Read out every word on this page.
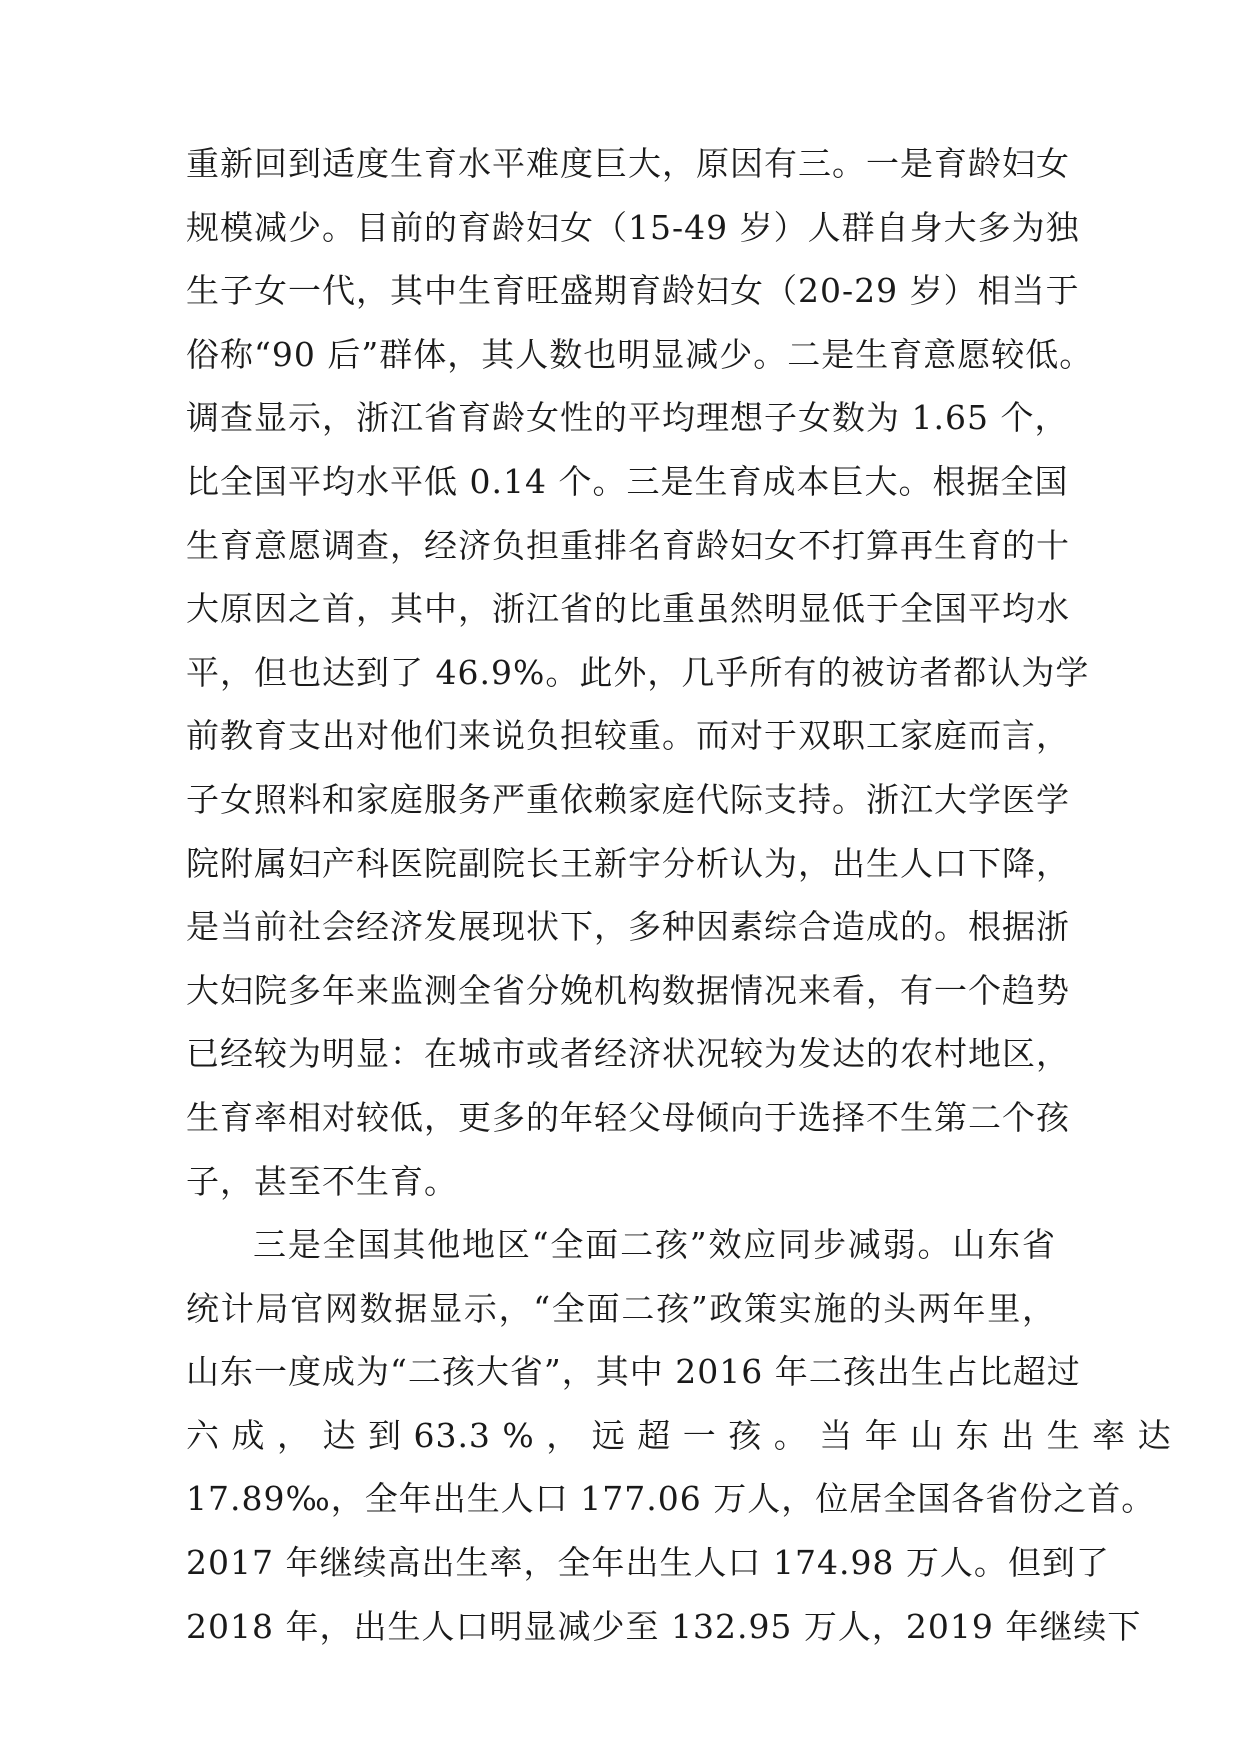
重新回到适度生育水平难度巨大，原因有三。一是育龄妇女
规模减少。目前的育龄妇女（15-49 岁）人群自身大多为独
生子女一代，其中生育旺盛期育龄妇女（20-29 岁）相当于
俗称“90 后”群体，其人数也明显减少。二是生育意愿较低。
调查显示，浙江省育龄女性的平均理想子女数为 1.65 个，
比全国平均水平低 0.14 个。三是生育成本巨大。根据全国
生育意愿调查，经济负担重排名育龄妇女不打算再生育的十
大原因之首，其中，浙江省的比重虽然明显低于全国平均水
平，但也达到了 46.9%。此外，几乎所有的被访者都认为学
前教育支出对他们来说负担较重。而对于双职工家庭而言，
子女照料和家庭服务严重依赖家庭代际支持。浙江大学医学
院附属妇产科医院副院长王新宇分析认为，出生人口下降，
是当前社会经济发展现状下，多种因素综合造成的。根据浙
大妇院多年来监测全省分娩机构数据情况来看，有一个趋势
已经较为明显：在城市或者经济状况较为发达的农村地区，
生育率相对较低，更多的年轻父母倾向于选择不生第二个孩
子，甚至不生育。
三是全国其他地区“全面二孩”效应同步减弱。山东省
统计局官网数据显示，“全面二孩”政策实施的头两年里，
山东一度成为“二孩大省”，其中 2016 年二孩出生占比超过
六 成 ， 达 到 63.3 % ， 远 超 一 孩 。 当 年 山 东 出 生 率 达
17.89‰，全年出生人口 177.06 万人，位居全国各省份之首。
2017 年继续高出生率，全年出生人口 174.98 万人。但到了
2018 年，出生人口明显减少至 132.95 万人，2019 年继续下
